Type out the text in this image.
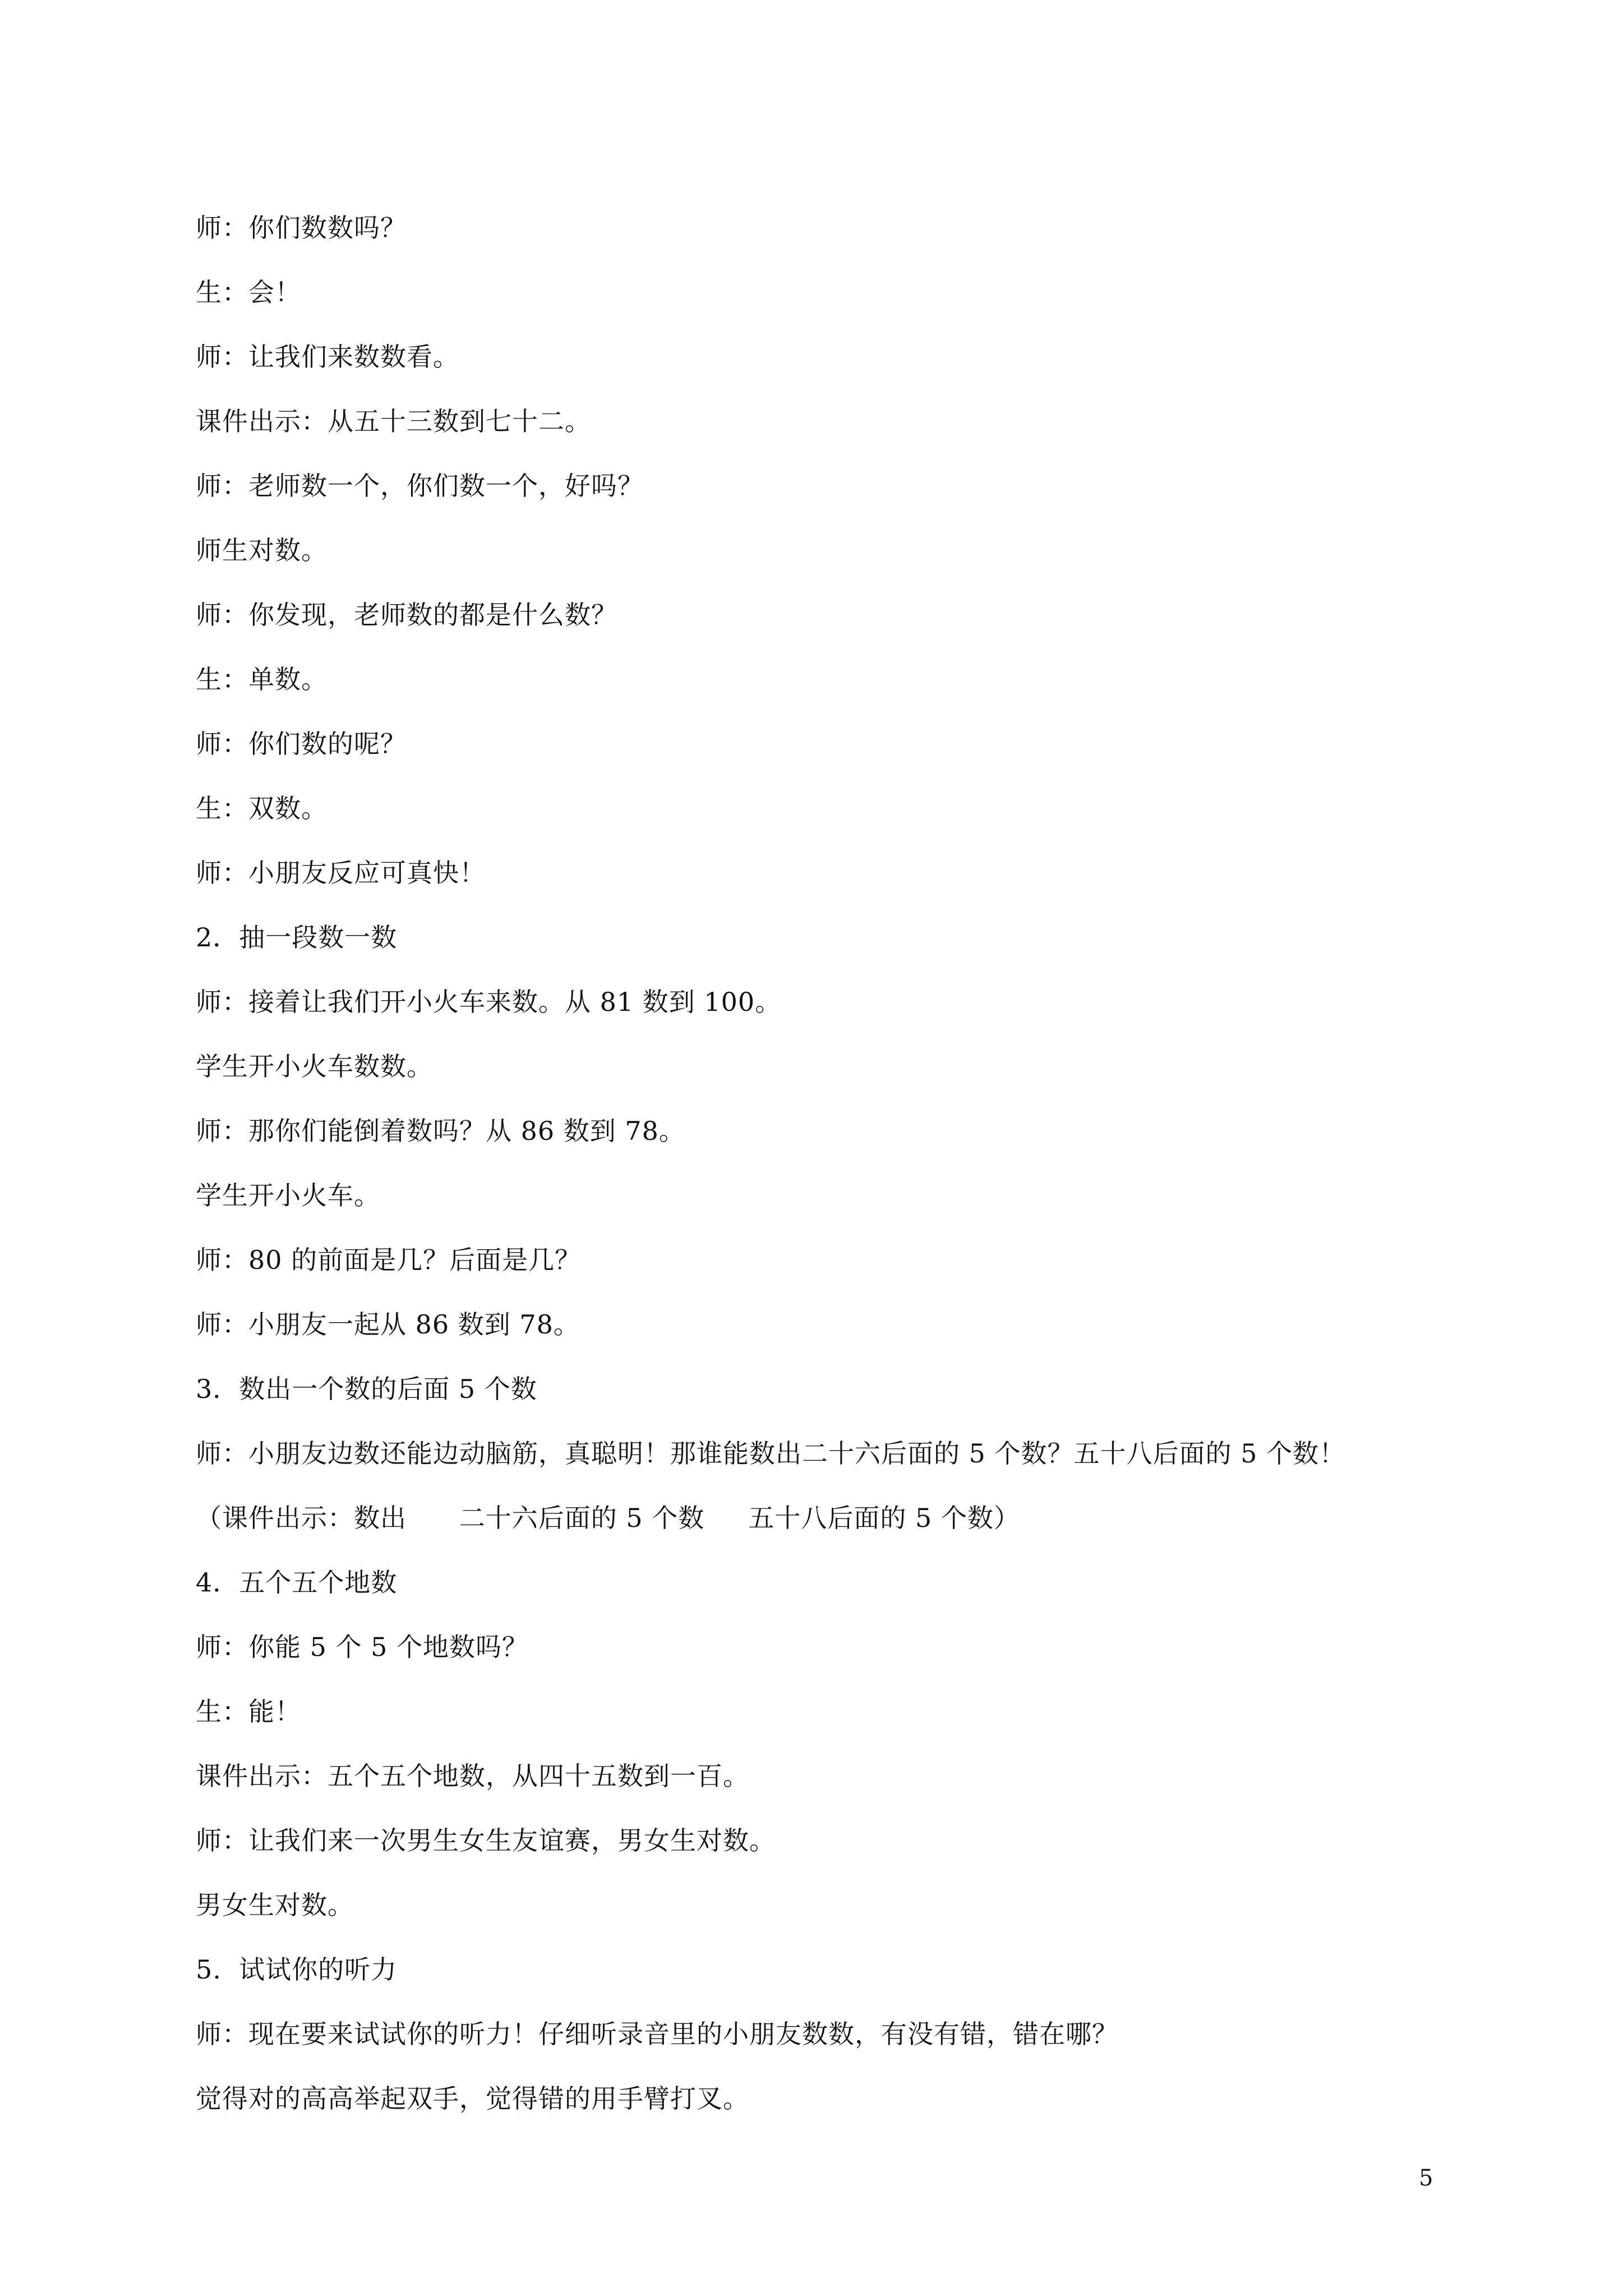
师：你们数数吗？
生：会！
师：让我们来数数看。
课件出示：从五十三数到七十二。
师：老师数一个，你们数一个，好吗？
师生对数。
师：你发现，老师数的都是什么数？
生：单数。
师：你们数的呢？
生：双数。
师：小朋友反应可真快！
2．抽一段数一数
师：接着让我们开小火车来数。从 81 数到 100。
学生开小火车数数。
师：那你们能倒着数吗？从 86 数到 78。
学生开小火车。
师：80 的前面是几？后面是几？
师：小朋友一起从 86 数到 78。
3．数出一个数的后面 5 个数
师：小朋友边数还能边动脑筋，真聪明！那谁能数出二十六后面的 5 个数？五十八后面的 5 个数！
（课件出示：数出      二十六后面的 5 个数     五十八后面的 5 个数）
4．五个五个地数
师：你能 5 个 5 个地数吗？
生：能！
课件出示：五个五个地数，从四十五数到一百。
师：让我们来一次男生女生友谊赛，男女生对数。
男女生对数。
5.  试试你的听力
师：现在要来试试你的听力！仔细听录音里的小朋友数数，有没有错，错在哪？
觉得对的高高举起双手，觉得错的用手臂打叉。
5
